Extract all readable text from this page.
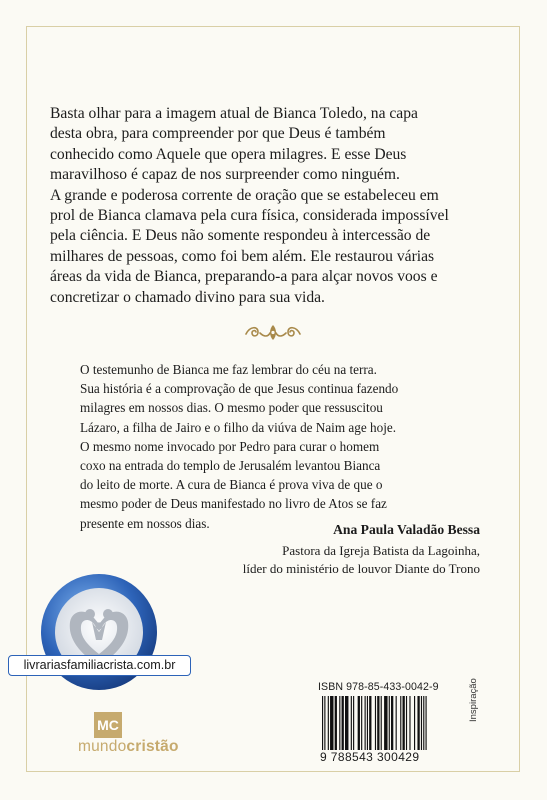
Basta olhar para a imagem atual de Bianca Toledo, na capa
desta obra, para compreender por que Deus é também
conhecido como Aquele que opera milagres. E esse Deus
maravilhoso é capaz de nos surpreender como ninguém.
A grande e poderosa corrente de oração que se estabeleceu em
prol de Bianca clamava pela cura física, considerada impossível
pela ciência. E Deus não somente respondeu à intercessão de
milhares de pessoas, como foi bem além. Ele restaurou várias
áreas da vida de Bianca, preparando-a para alçar novos voos e
concretizar o chamado divino para sua vida.

O testemunho de Bianca me faz lembrar do céu na terra.
Sua história é a comprovação de que Jesus continua fazendo
milagres em nossos dias. O mesmo poder que ressuscitou
Lázaro, a filha de Jairo e o filho da viúva de Naim age hoje.
O mesmo nome invocado por Pedro para curar o homem
coxo na entrada do templo de Jerusalém levantou Bianca
do leito de morte. A cura de Bianca é prova viva de que o
mesmo poder de Deus manifestado no livro de Atos se faz
presente em nossos dias.	Ana Paula Valadão Bessa
Pastora da Igreja Batista da Lagoinha,
líder do ministério de louvor Diante do Trono
livrariasfamiliacrista.com.br
ISBN 978-85-433-0042-9
9 788543 300429
Inspiração
MC
mundocristão
